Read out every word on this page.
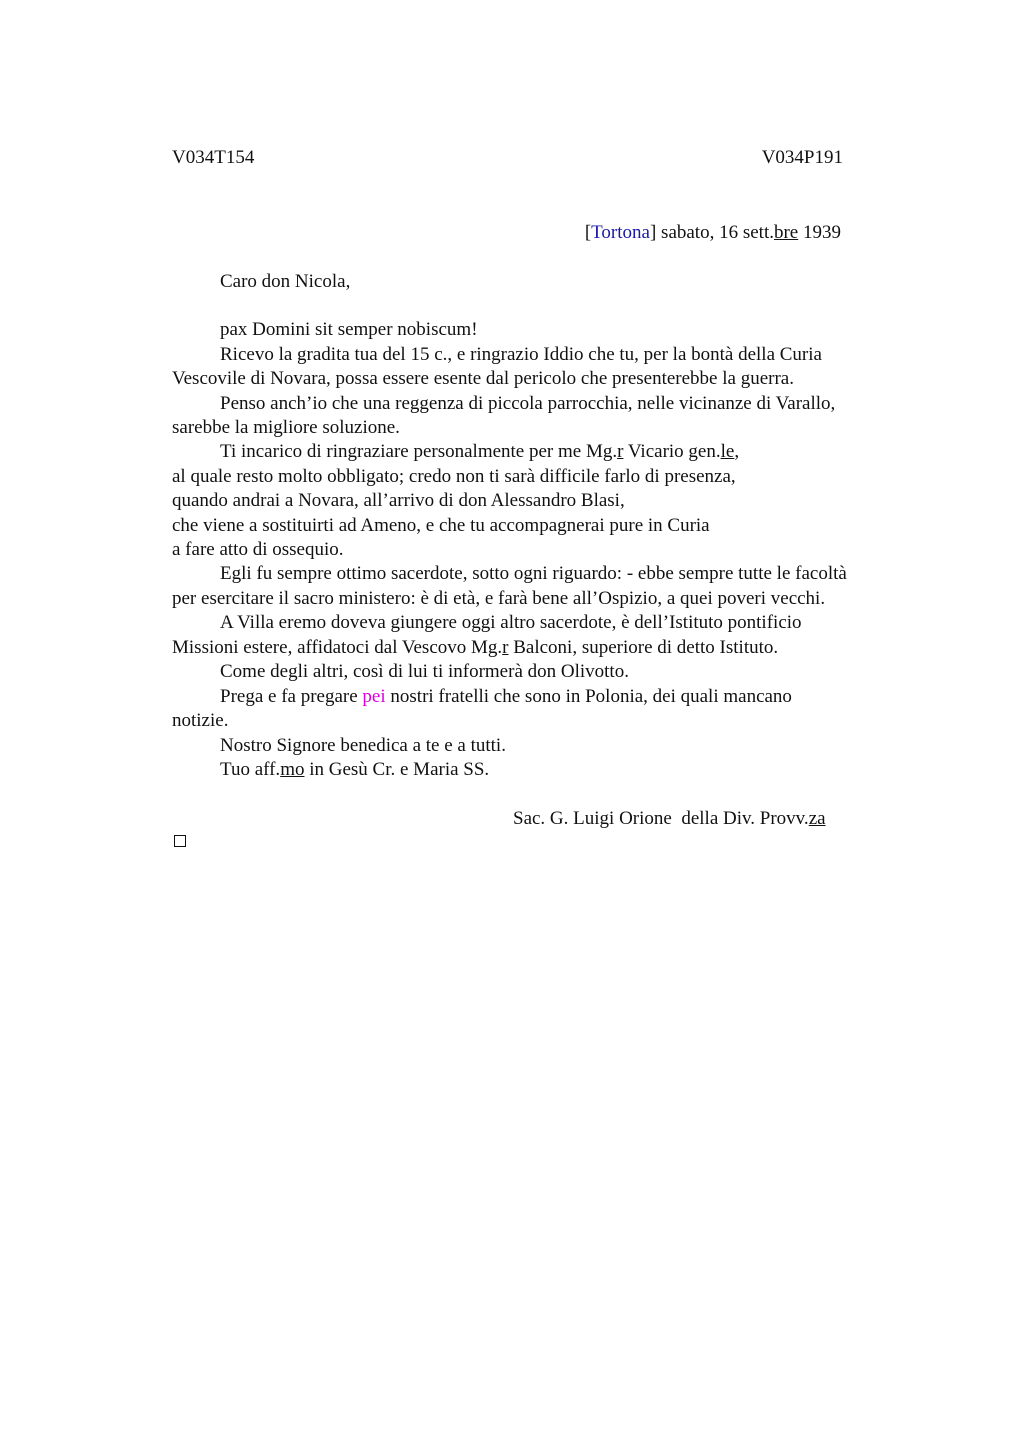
V034T154	V034P191
[Tortona] sabato, 16 sett.bre 1939
Caro don Nicola,
pax Domini sit semper nobiscum!
Ricevo la gradita tua del 15 c., e ringrazio Iddio che tu, per la bontà della Curia
Vescovile di Novara, possa essere esente dal pericolo che presenterebbe la guerra.
Penso anch’io che una reggenza di piccola parrocchia, nelle vicinanze di Varallo,
sarebbe la migliore soluzione.
Ti incarico di ringraziare personalmente per me Mg.r Vicario gen.le,
al quale resto molto obbligato; credo non ti sarà difficile farlo di presenza,
quando andrai a Novara, all’arrivo di don Alessandro Blasi,
che viene a sostituirti ad Ameno, e che tu accompagnerai pure in Curia
a fare atto di ossequio.
Egli fu sempre ottimo sacerdote, sotto ogni riguardo: - ebbe sempre tutte le facoltà
per esercitare il sacro ministero: è di età, e farà bene all’Ospizio, a quei poveri vecchi.
A Villa eremo doveva giungere oggi altro sacerdote, è dell’Istituto pontificio
Missioni estere, affidatoci dal Vescovo Mg.r Balconi, superiore di detto Istituto.
Come degli altri, così di lui ti informerà don Olivotto.
Prega e fa pregare pei nostri fratelli che sono in Polonia, dei quali mancano
notizie.
Nostro Signore benedica a te e a tutti.
Tuo aff.mo in Gesù Cr. e Maria SS.
Sac. G. Luigi Orione  della Div. Provv.za
